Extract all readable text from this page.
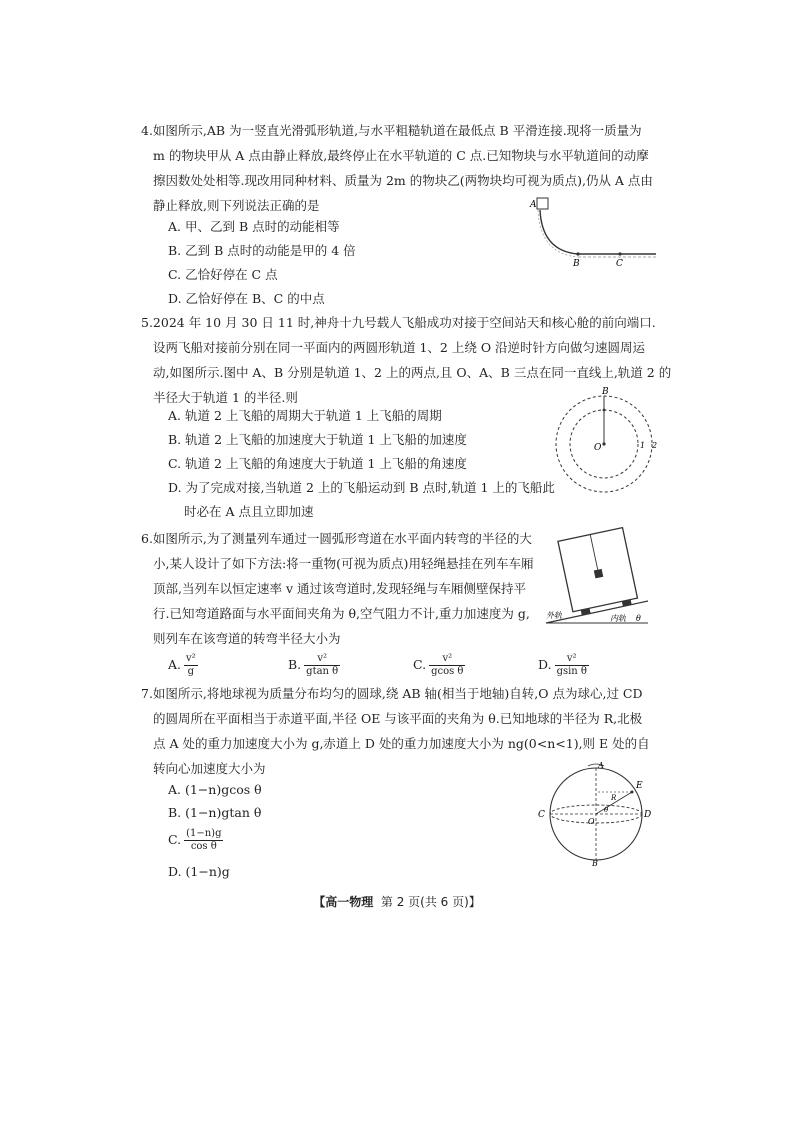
4.如图所示,AB 为一竖直光滑弧形轨道,与水平粗糙轨道在最低点 B 平滑连接.现将一质量为
m 的物块甲从 A 点由静止释放,最终停止在水平轨道的 C 点.已知物块与水平轨道间的动摩
擦因数处处相等.现改用同种材料、质量为 2m 的物块乙(两物块均可视为质点),仍从 A 点由
静止释放,则下列说法正确的是
A. 甲、乙到 B 点时的动能相等
B. 乙到 B 点时的动能是甲的 4 倍
C. 乙恰好停在 C 点
D. 乙恰好停在 B、C 的中点
A
B	C
5.2024 年 10 月 30 日 11 时,神舟十九号载人飞船成功对接于空间站天和核心舱的前向端口.
设两飞船对接前分别在同一平面内的两圆形轨道 1、2 上绕 O 沿逆时针方向做匀速圆周运
动,如图所示.图中 A、B 分别是轨道 1、2 上的两点,且 O、A、B 三点在同一直线上,轨道 2 的
半径大于轨道 1 的半径.则
A. 轨道 2 上飞船的周期大于轨道 1 上飞船的周期
B. 轨道 2 上飞船的加速度大于轨道 1 上飞船的加速度
C. 轨道 2 上飞船的角速度大于轨道 1 上飞船的角速度
D. 为了完成对接,当轨道 2 上的飞船运动到 B 点时,轨道 1 上的飞船此
时必在 A 点且立即加速
B
O	1 2
6.如图所示,为了测量列车通过一圆弧形弯道在水平面内转弯的半径的大
小,某人设计了如下方法:将一重物(可视为质点)用轻绳悬挂在列车车厢
顶部,当列车以恒定速率 v 通过该弯道时,发现轻绳与车厢侧壁保持平
行.已知弯道路面与水平面间夹角为 θ,空气阻力不计,重力加速度为 g,
则列车在该弯道的转弯半径大小为
A. $\frac{\text{v²}}{g}$	B. $\frac{\text{v²}}{\text{gtan θ}}$	C. $\frac{\text{v²}}{\text{gcos θ}}$	D. $\frac{\text{v²}}{\text{gsin θ}}$
外轨	内轨 θ
7.如图所示,将地球视为质量分布均匀的圆球,绕 AB 轴(相当于地轴)自转,O 点为球心,过 CD
的圆周所在平面相当于赤道平面,半径 OE 与该平面的夹角为 θ.已知地球的半径为 R,北极
点 A 处的重力加速度大小为 g,赤道上 D 处的重力加速度大小为 ng(0<n<1),则 E 处的自
转向心加速度大小为
A. (1−n)gcos θ
B. (1−n)gtan θ
C. $\frac{(1-n)g}{\text{cos θ}}$
D. (1−n)g
A
B
C	D
E
O
R
θ
【高一物理 第 2 页(共 6 页)】
